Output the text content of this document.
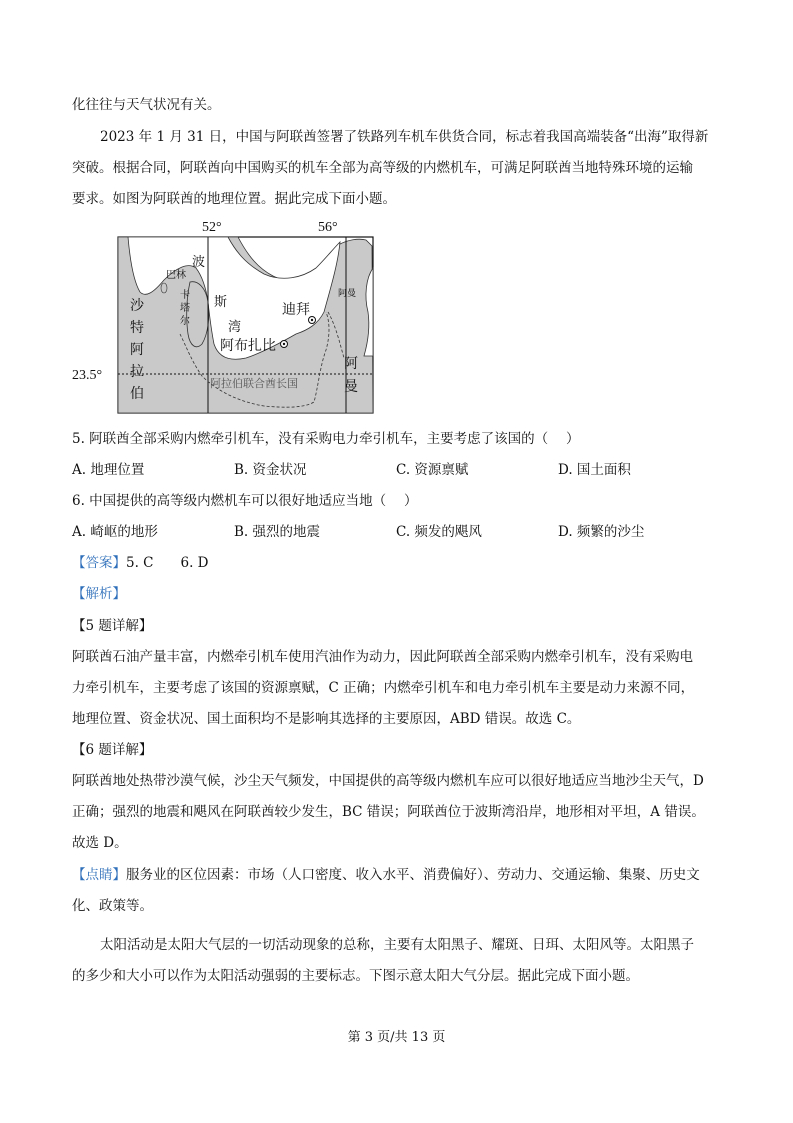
化往往与天气状况有关。
2023 年 1 月 31 日，中国与阿联酋签署了铁路列车机车供货合同，标志着我国高端装备“出海”取得新
突破。根据合同，阿联酋向中国购买的机车全部为高等级的内燃机车，可满足阿联酋当地特殊环境的运输
要求。如图为阿联酋的地理位置。据此完成下面小题。
52°	56°
23.5°
波
斯
湾
沙
特
阿
拉
伯
巴林
卡
塔
尔
阿曼
迪拜
阿布扎比
阿
曼
阿拉伯联合酋长国
5. 阿联酋全部采购内燃牵引机车，没有采购电力牵引机车，主要考虑了该国的（　 ）
A. 地理位置	B. 资金状况	C. 资源禀赋	D. 国土面积
6. 中国提供的高等级内燃机车可以很好地适应当地（　 ）
A. 崎岖的地形	B. 强烈的地震	C. 频发的飓风	D. 频繁的沙尘
【答案】5. C　　6. D
【解析】
【5 题详解】
阿联酋石油产量丰富，内燃牵引机车使用汽油作为动力，因此阿联酋全部采购内燃牵引机车，没有采购电
力牵引机车，主要考虑了该国的资源禀赋，C 正确；内燃牵引机车和电力牵引机车主要是动力来源不同，
地理位置、资金状况、国土面积均不是影响其选择的主要原因，ABD 错误。故选 C。
【6 题详解】
阿联酋地处热带沙漠气候，沙尘天气频发，中国提供的高等级内燃机车应可以很好地适应当地沙尘天气，D
正确；强烈的地震和飓风在阿联酋较少发生，BC 错误；阿联酋位于波斯湾沿岸，地形相对平坦，A 错误。
故选 D。
【点睛】服务业的区位因素：市场（人口密度、收入水平、消费偏好）、劳动力、交通运输、集聚、历史文
化、政策等。
太阳活动是太阳大气层的一切活动现象的总称，主要有太阳黑子、耀斑、日珥、太阳风等。太阳黑子
的多少和大小可以作为太阳活动强弱的主要标志。下图示意太阳大气分层。据此完成下面小题。
第 3 页/共 13 页
